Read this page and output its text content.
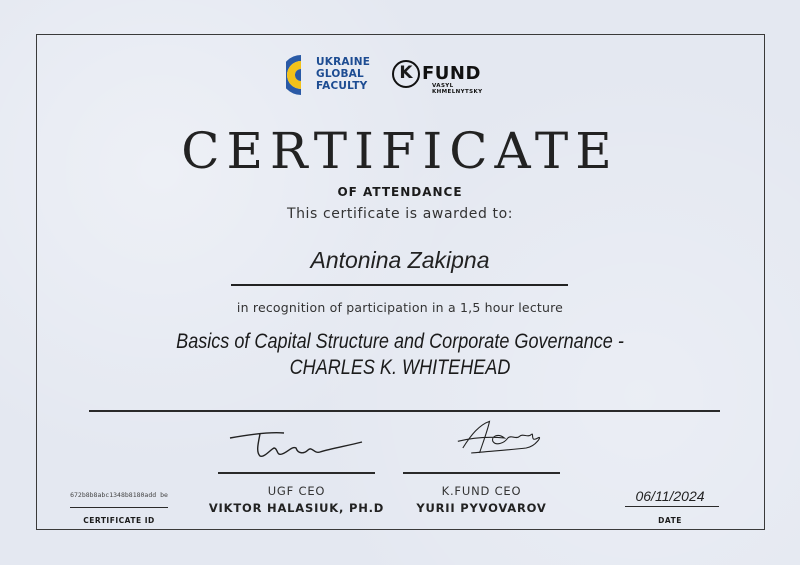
UKRAINE
GLOBAL
FACULTY
K FUND
VASYL KHMELNYTSKY
CERTIFICATE
OF ATTENDANCE
This certificate is awarded to:
Antonina Zakipna
in recognition of participation in a 1,5 hour lecture
Basics of Capital Structure and Corporate Governance - CHARLES K. WHITEHEAD
UGF CEO
VIKTOR HALASIUK, PH.D
K.FUND CEO
YURII PYVOVAROV
672b8b8abc1348b8180add be
CERTIFICATE ID
06/11/2024
DATE
